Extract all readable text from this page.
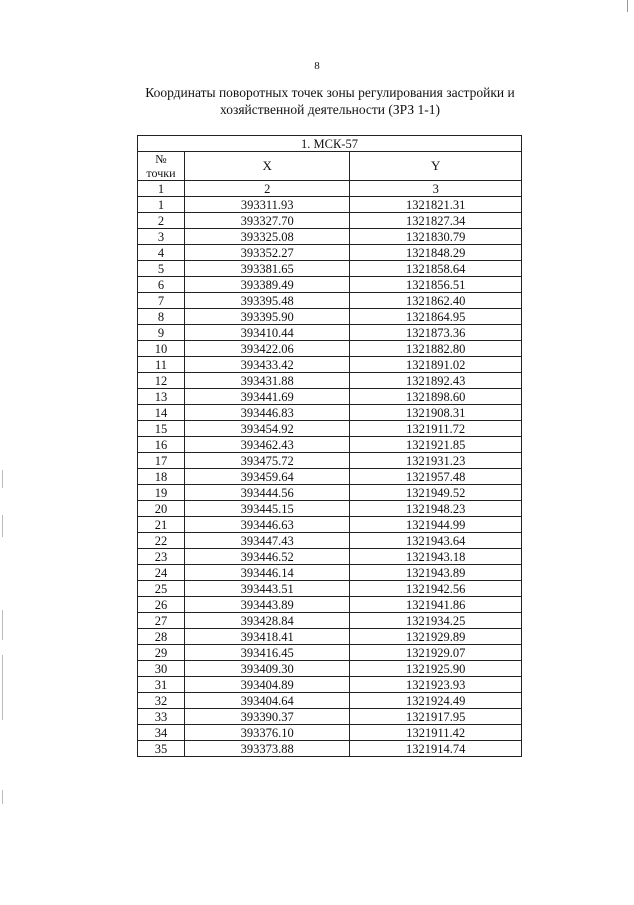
8
Координаты поворотных точек зоны регулирования застройки и
хозяйственной деятельности (ЗРЗ 1-1)
1. МСК-57		
№
точки	X	Y
1	2	3
1	393311.93	1321821.31
2	393327.70	1321827.34
3	393325.08	1321830.79
4	393352.27	1321848.29
5	393381.65	1321858.64
6	393389.49	1321856.51
7	393395.48	1321862.40
8	393395.90	1321864.95
9	393410.44	1321873.36
10	393422.06	1321882.80
11	393433.42	1321891.02
12	393431.88	1321892.43
13	393441.69	1321898.60
14	393446.83	1321908.31
15	393454.92	1321911.72
16	393462.43	1321921.85
17	393475.72	1321931.23
18	393459.64	1321957.48
19	393444.56	1321949.52
20	393445.15	1321948.23
21	393446.63	1321944.99
22	393447.43	1321943.64
23	393446.52	1321943.18
24	393446.14	1321943.89
25	393443.51	1321942.56
26	393443.89	1321941.86
27	393428.84	1321934.25
28	393418.41	1321929.89
29	393416.45	1321929.07
30	393409.30	1321925.90
31	393404.89	1321923.93
32	393404.64	1321924.49
33	393390.37	1321917.95
34	393376.10	1321911.42
35	393373.88	1321914.74
